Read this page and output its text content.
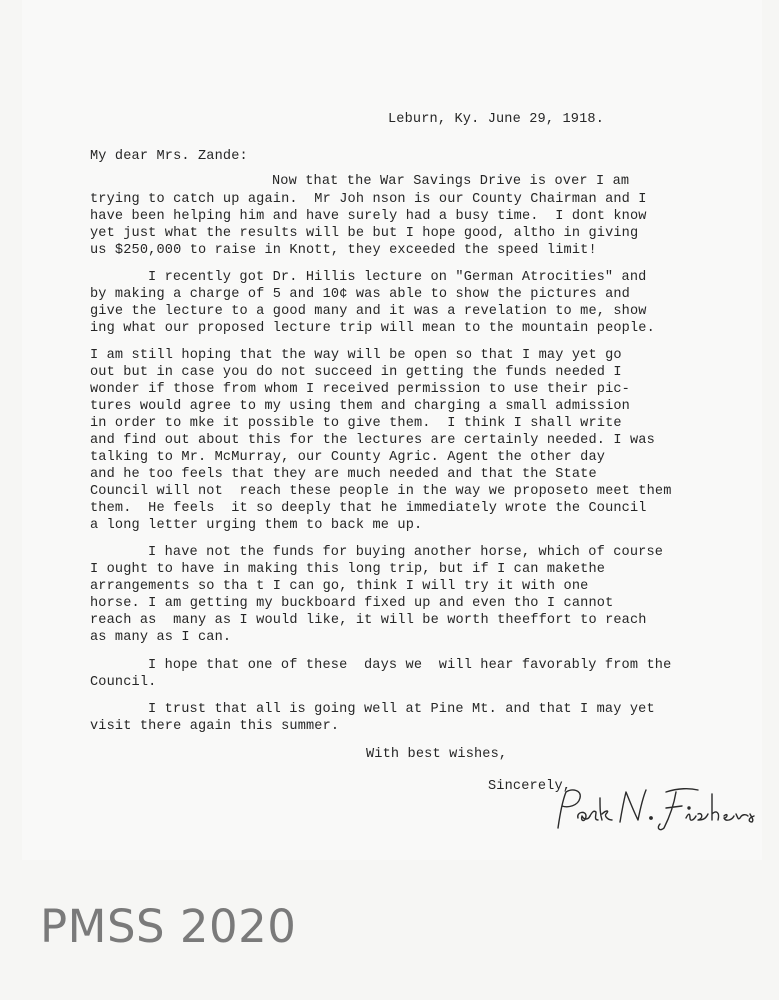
Leburn, Ky. June 29, 1918.
My dear Mrs. Zande:
Now that the War Savings Drive is over I am
trying to catch up again.  Mr Joh nson is our County Chairman and I
have been helping him and have surely had a busy time.  I dont know
yet just what the results will be but I hope good, altho in giving
us $250,000 to raise in Knott, they exceeded the speed limit!
I recently got Dr. Hillis lecture on "German Atrocities" and
by making a charge of 5 and 10¢ was able to show the pictures and
give the lecture to a good many and it was a revelation to me, show
ing what our proposed lecture trip will mean to the mountain people.
I am still hoping that the way will be open so that I may yet go
out but in case you do not succeed in getting the funds needed I
wonder if those from whom I received permission to use their pic-
tures would agree to my using them and charging a small admission
in order to mke it possible to give them.  I think I shall write
and find out about this for the lectures are certainly needed. I was
talking to Mr. McMurray, our County Agric. Agent the other day
and he too feels that they are much needed and that the State
Council will not  reach these people in the way we proposeto meet them
them.  He feels  it so deeply that he immediately wrote the Council
a long letter urging them to back me up.
I have not the funds for buying another horse, which of course
I ought to have in making this long trip, but if I can makethe
arrangements so tha t I can go, think I will try it with one
horse. I am getting my buckboard fixed up and even tho I cannot
reach as  many as I would like, it will be worth theeffort to reach
as many as I can.
I hope that one of these  days we  will hear favorably from the
Council.
I trust that all is going well at Pine Mt. and that I may yet
visit there again this summer.
With best wishes,
Sincerely,
PMSS 2020
